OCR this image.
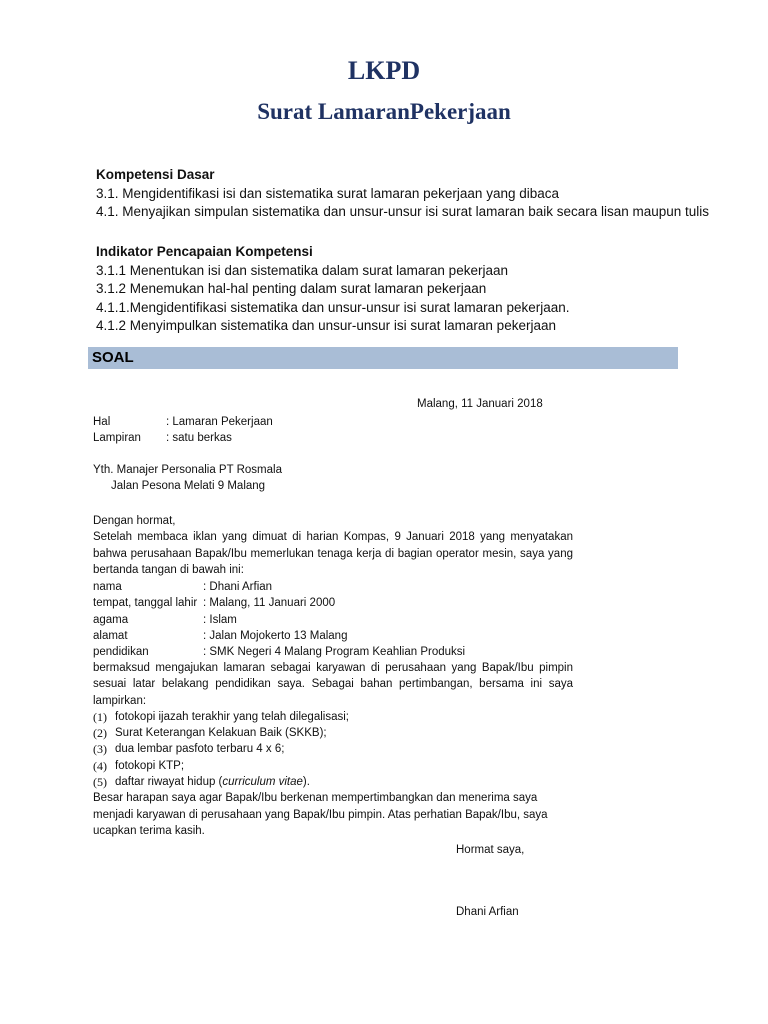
LKPD
Surat LamaranPekerjaan
Kompetensi Dasar

3.1. Mengidentifikasi isi dan sistematika surat lamaran pekerjaan yang dibaca

4.1. Menyajikan simpulan sistematika dan unsur-unsur isi surat lamaran baik secara lisan maupun tulis

Indikator Pencapaian Kompetensi

3.1.1 Menentukan isi dan sistematika dalam surat lamaran pekerjaan

3.1.2 Menemukan hal-hal penting dalam surat lamaran pekerjaan

4.1.1.Mengidentifikasi sistematika dan unsur-unsur isi surat lamaran pekerjaan.

4.1.2 Menyimpulkan sistematika dan unsur-unsur isi surat lamaran pekerjaan

SOAL
Malang, 11 Januari 2018
Hal	: Lamaran Pekerjaan
Lampiran	: satu berkas
Yth. Manajer Personalia PT Rosmala
Jalan Pesona Melati 9 Malang
Dengan hormat,
Setelah membaca iklan yang dimuat di harian Kompas, 9 Januari 2018 yang menyatakan bahwa perusahaan Bapak/Ibu memerlukan tenaga kerja di bagian operator mesin, saya yang bertanda tangan di bawah ini:
nama	: Dhani Arfian
tempat, tanggal lahir : Malang, 11 Januari 2000
agama	: Islam
alamat	: Jalan Mojokerto 13 Malang
pendidikan	: SMK Negeri 4 Malang Program Keahlian Produksi
bermaksud mengajukan lamaran sebagai karyawan di perusahaan yang Bapak/Ibu pimpin sesuai latar belakang pendidikan saya. Sebagai bahan pertimbangan, bersama ini saya lampirkan:
(1) fotokopi ijazah terakhir yang telah dilegalisasi;
(2) Surat Keterangan Kelakuan Baik (SKKB);
(3) dua lembar pasfoto terbaru 4 x 6;
(4) fotokopi KTP;
(5) daftar riwayat hidup (curriculum vitae).
Besar harapan saya agar Bapak/Ibu berkenan mempertimbangkan dan menerima saya menjadi karyawan di perusahaan yang Bapak/Ibu pimpin. Atas perhatian Bapak/Ibu, saya ucapkan terima kasih.
Hormat saya,
Dhani Arfian
